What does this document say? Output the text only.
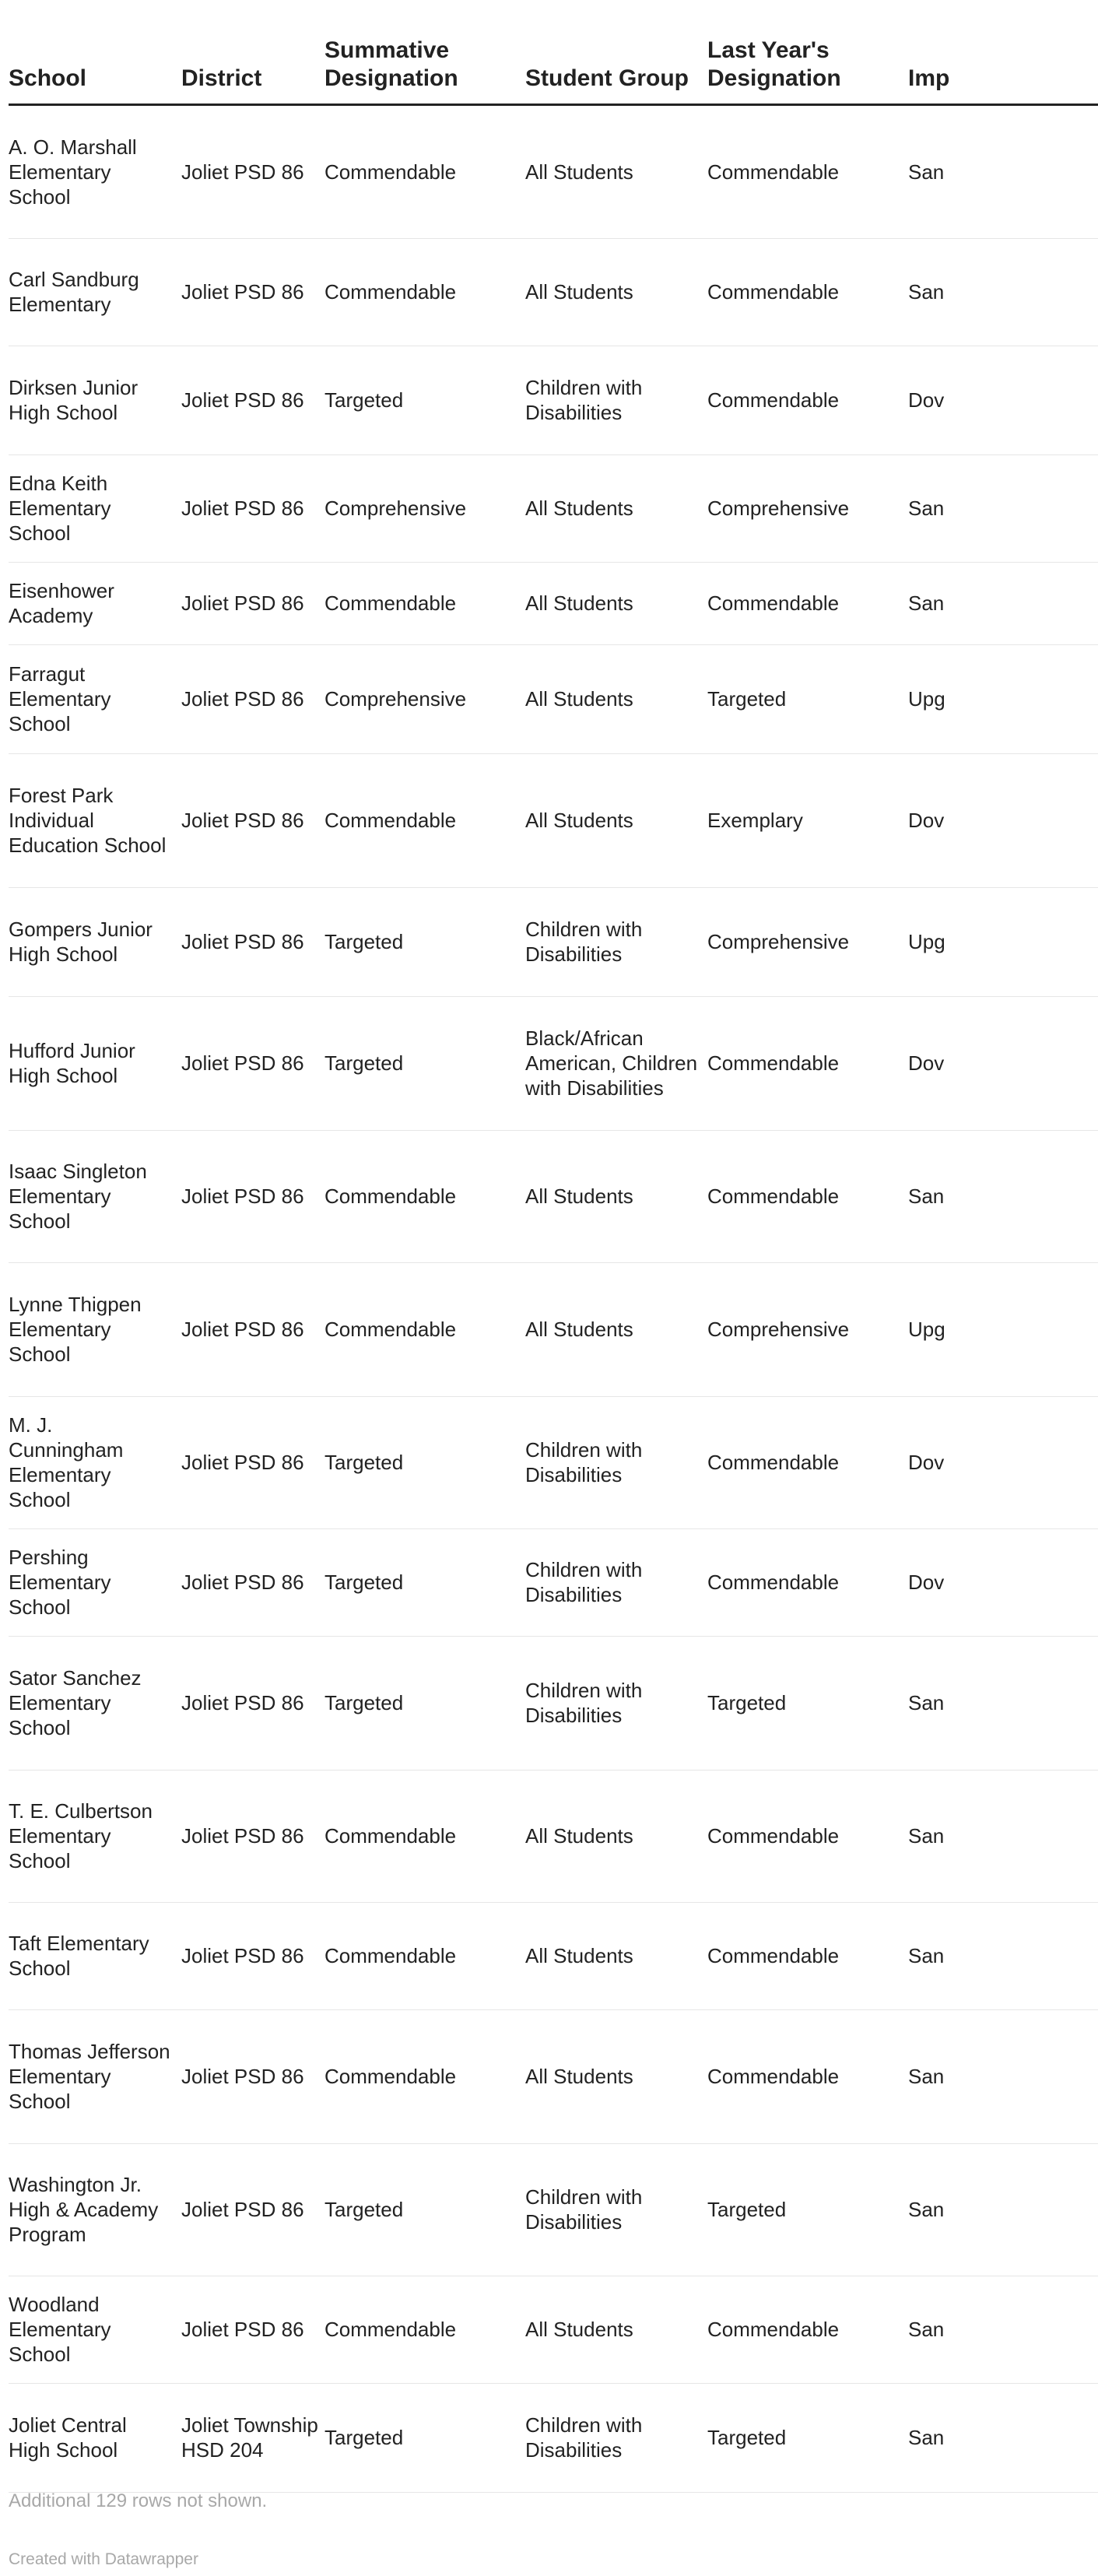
School	District	Summative Designation	Student Group	Last Year's Designation	Imp
A. O. Marshall Elementary School	Joliet PSD 86	Commendable	All Students	Commendable	San
Carl Sandburg Elementary	Joliet PSD 86	Commendable	All Students	Commendable	San
Dirksen Junior High School	Joliet PSD 86	Targeted	Children with Disabilities	Commendable	Dov
Edna Keith Elementary School	Joliet PSD 86	Comprehensive	All Students	Comprehensive	San
Eisenhower Academy	Joliet PSD 86	Commendable	All Students	Commendable	San
Farragut Elementary School	Joliet PSD 86	Comprehensive	All Students	Targeted	Upg
Forest Park Individual Education School	Joliet PSD 86	Commendable	All Students	Exemplary	Dov
Gompers Junior High School	Joliet PSD 86	Targeted	Children with Disabilities	Comprehensive	Upg
Hufford Junior High School	Joliet PSD 86	Targeted	Black/African American, Children with Disabilities	Commendable	Dov
Isaac Singleton Elementary School	Joliet PSD 86	Commendable	All Students	Commendable	San
Lynne Thigpen Elementary School	Joliet PSD 86	Commendable	All Students	Comprehensive	Upg
M. J. Cunningham Elementary School	Joliet PSD 86	Targeted	Children with Disabilities	Commendable	Dov
Pershing Elementary School	Joliet PSD 86	Targeted	Children with Disabilities	Commendable	Dov
Sator Sanchez Elementary School	Joliet PSD 86	Targeted	Children with Disabilities	Targeted	San
T. E. Culbertson Elementary School	Joliet PSD 86	Commendable	All Students	Commendable	San
Taft Elementary School	Joliet PSD 86	Commendable	All Students	Commendable	San
Thomas Jefferson Elementary School	Joliet PSD 86	Commendable	All Students	Commendable	San
Washington Jr. High & Academy Program	Joliet PSD 86	Targeted	Children with Disabilities	Targeted	San
Woodland Elementary School	Joliet PSD 86	Commendable	All Students	Commendable	San
Joliet Central High School	Joliet Township HSD 204	Targeted	Children with Disabilities	Targeted	San
Additional 129 rows not shown.
Created with Datawrapper
